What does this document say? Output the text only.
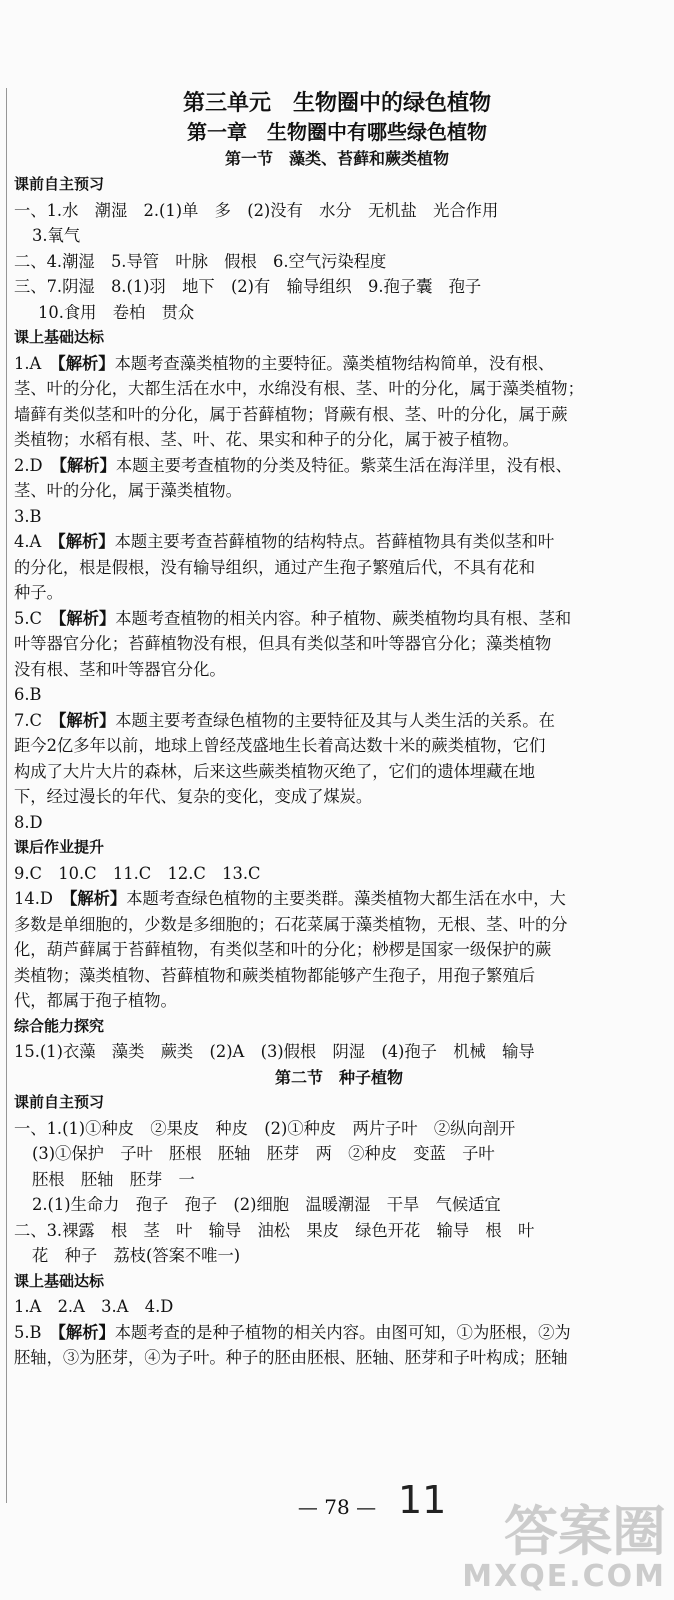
第三单元　生物圈中的绿色植物
第一章　生物圈中有哪些绿色植物
第一节　藻类、苔藓和蕨类植物
课前自主预习
一、1.水　潮湿　2.(1)单　多　(2)没有　水分　无机盐　光合作用
3.氧气
二、4.潮湿　5.导管　叶脉　假根　6.空气污染程度
三、7.阴湿　8.(1)羽　地下　(2)有　输导组织　9.孢子囊　孢子
10.食用　卷柏　贯众
课上基础达标
1.A　【解析】本题考查藻类植物的主要特征。藻类植物结构简单，没有根、
茎、叶的分化，大都生活在水中，水绵没有根、茎、叶的分化，属于藻类植物；
墙藓有类似茎和叶的分化，属于苔藓植物；肾蕨有根、茎、叶的分化，属于蕨
类植物；水稻有根、茎、叶、花、果实和种子的分化，属于被子植物。
2.D　【解析】本题主要考查植物的分类及特征。紫菜生活在海洋里，没有根、
茎、叶的分化，属于藻类植物。
3.B
4.A　【解析】本题主要考查苔藓植物的结构特点。苔藓植物具有类似茎和叶
的分化，根是假根，没有输导组织，通过产生孢子繁殖后代，不具有花和
种子。
5.C　【解析】本题考查植物的相关内容。种子植物、蕨类植物均具有根、茎和
叶等器官分化；苔藓植物没有根，但具有类似茎和叶等器官分化；藻类植物
没有根、茎和叶等器官分化。
6.B
7.C　【解析】本题主要考查绿色植物的主要特征及其与人类生活的关系。在
距今2亿多年以前，地球上曾经茂盛地生长着高达数十米的蕨类植物，它们
构成了大片大片的森林，后来这些蕨类植物灭绝了，它们的遗体埋藏在地
下，经过漫长的年代、复杂的变化，变成了煤炭。
8.D
课后作业提升
9.C　10.C　11.C　12.C　13.C
14.D　【解析】本题考查绿色植物的主要类群。藻类植物大都生活在水中，大
多数是单细胞的，少数是多细胞的；石花菜属于藻类植物，无根、茎、叶的分
化，葫芦藓属于苔藓植物，有类似茎和叶的分化；桫椤是国家一级保护的蕨
类植物；藻类植物、苔藓植物和蕨类植物都能够产生孢子，用孢子繁殖后
代，都属于孢子植物。
综合能力探究
15.(1)衣藻　藻类　蕨类　(2)A　(3)假根　阴湿　(4)孢子　机械　输导
第二节　种子植物
课前自主预习
一、1.(1)①种皮　②果皮　种皮　(2)①种皮　两片子叶　②纵向剖开
(3)①保护　子叶　胚根　胚轴　胚芽　两　②种皮　变蓝　子叶
胚根　胚轴　胚芽　一
2.(1)生命力　孢子　孢子　(2)细胞　温暖潮湿　干旱　气候适宜
二、3.裸露　根　茎　叶　输导　油松　果皮　绿色开花　输导　根　叶
花　种子　荔枝(答案不唯一)
课上基础达标
1.A　2.A　3.A　4.D
5.B　【解析】本题考查的是种子植物的相关内容。由图可知，①为胚根，②为
胚轴，③为胚芽，④为子叶。种子的胚由胚根、胚轴、胚芽和子叶构成；胚轴
— 78 — 11	答案圈
MXQE.COM
